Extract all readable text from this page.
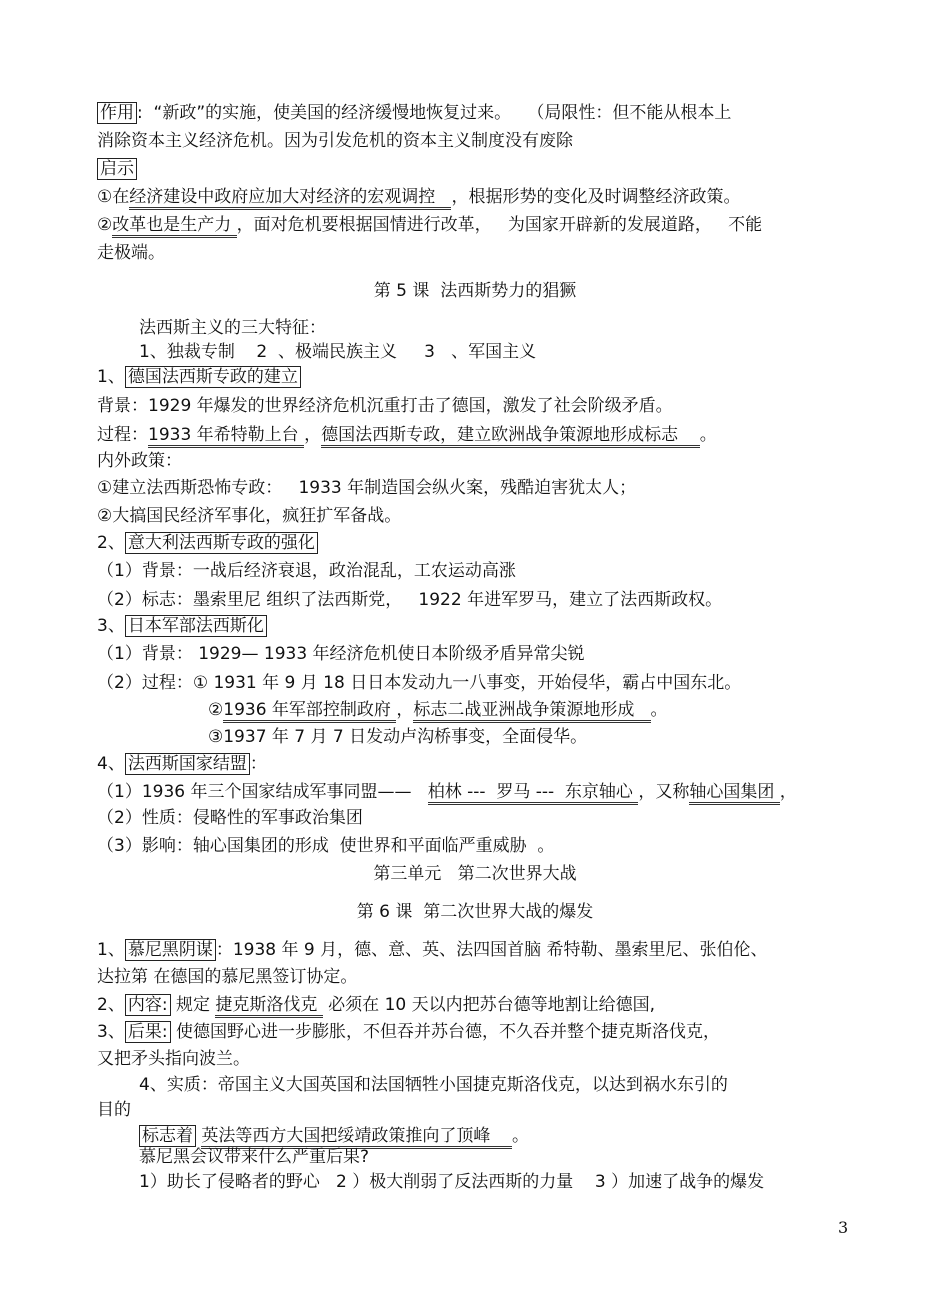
作用 :  “新政”的实施，使美国的经济缓慢地恢复过来。   （局限性：但不能从根本上
消除资本主义经济危机。因为引发危机的资本主义制度没有废除
启示
①在经济建设中政府应加大对经济的宏观调控   ，根据形势的变化及时调整经济政策。
②改革也是生产力 ，面对危机要根据国情进行改革，   为国家开辟新的发展道路，   不能
走极端。
第 5 课  法西斯势力的猖獗
法西斯主义的三大特征：
1、独裁专制    2  、极端民族主义     3   、军国主义
1、 德国法西斯专政的建立
背景：1929 年爆发的世界经济危机沉重打击了德国，激发了社会阶级矛盾。
过程：1933 年希特勒上台 ，德国法西斯专政，建立欧洲战争策源地形成标志    。
内外政策：
①建立法西斯恐怖专政：   1933 年制造国会纵火案，残酷迫害犹太人；
②大搞国民经济军事化，疯狂扩军备战。
2、 意大利法西斯专政的强化
（1）背景：一战后经济衰退，政治混乱，工农运动高涨
（2）标志：墨索里尼 组织了法西斯党，   1922 年进军罗马，建立了法西斯政权。
3、 日本军部法西斯化
（1）背景： 1929— 1933 年经济危机使日本阶级矛盾异常尖锐
（2）过程：① 1931 年 9 月 18 日日本发动九一八事变，开始侵华，霸占中国东北。
②1936 年军部控制政府 ，标志二战亚洲战争策源地形成   。
③1937 年 7 月 7 日发动卢沟桥事变，全面侵华。
4、 法西斯国家结盟 ：
（1）1936 年三个国家结成军事同盟——   柏林 ---  罗马 ---  东京轴心 ，又称轴心国集团 ，
（2）性质：侵略性的军事政治集团
（3）影响：轴心国集团的形成  使世界和平面临严重威胁  。
第三单元   第二次世界大战
第 6 课  第二次世界大战的爆发
1、 慕尼黑阴谋 ：1938 年 9 月，德、意、英、法四国首脑 希特勒、墨索里尼、张伯伦、
达拉第 在德国的慕尼黑签订协定。
2、 内容: 规定 捷克斯洛伐克  必须在 10 天以内把苏台德等地割让给德国,
3、 后果: 使德国野心进一步膨胀，不但吞并苏台德，不久吞并整个捷克斯洛伐克，
又把矛头指向波兰。
4、实质：帝国主义大国英国和法国牺牲小国捷克斯洛伐克，以达到祸水东引的
目的
标志着 英法等西方大国把绥靖政策推向了顶峰    。
慕尼黑会议带来什么严重后果?
1）助长了侵略者的野心   2 ）极大削弱了反法西斯的力量    3 ）加速了战争的爆发
3
